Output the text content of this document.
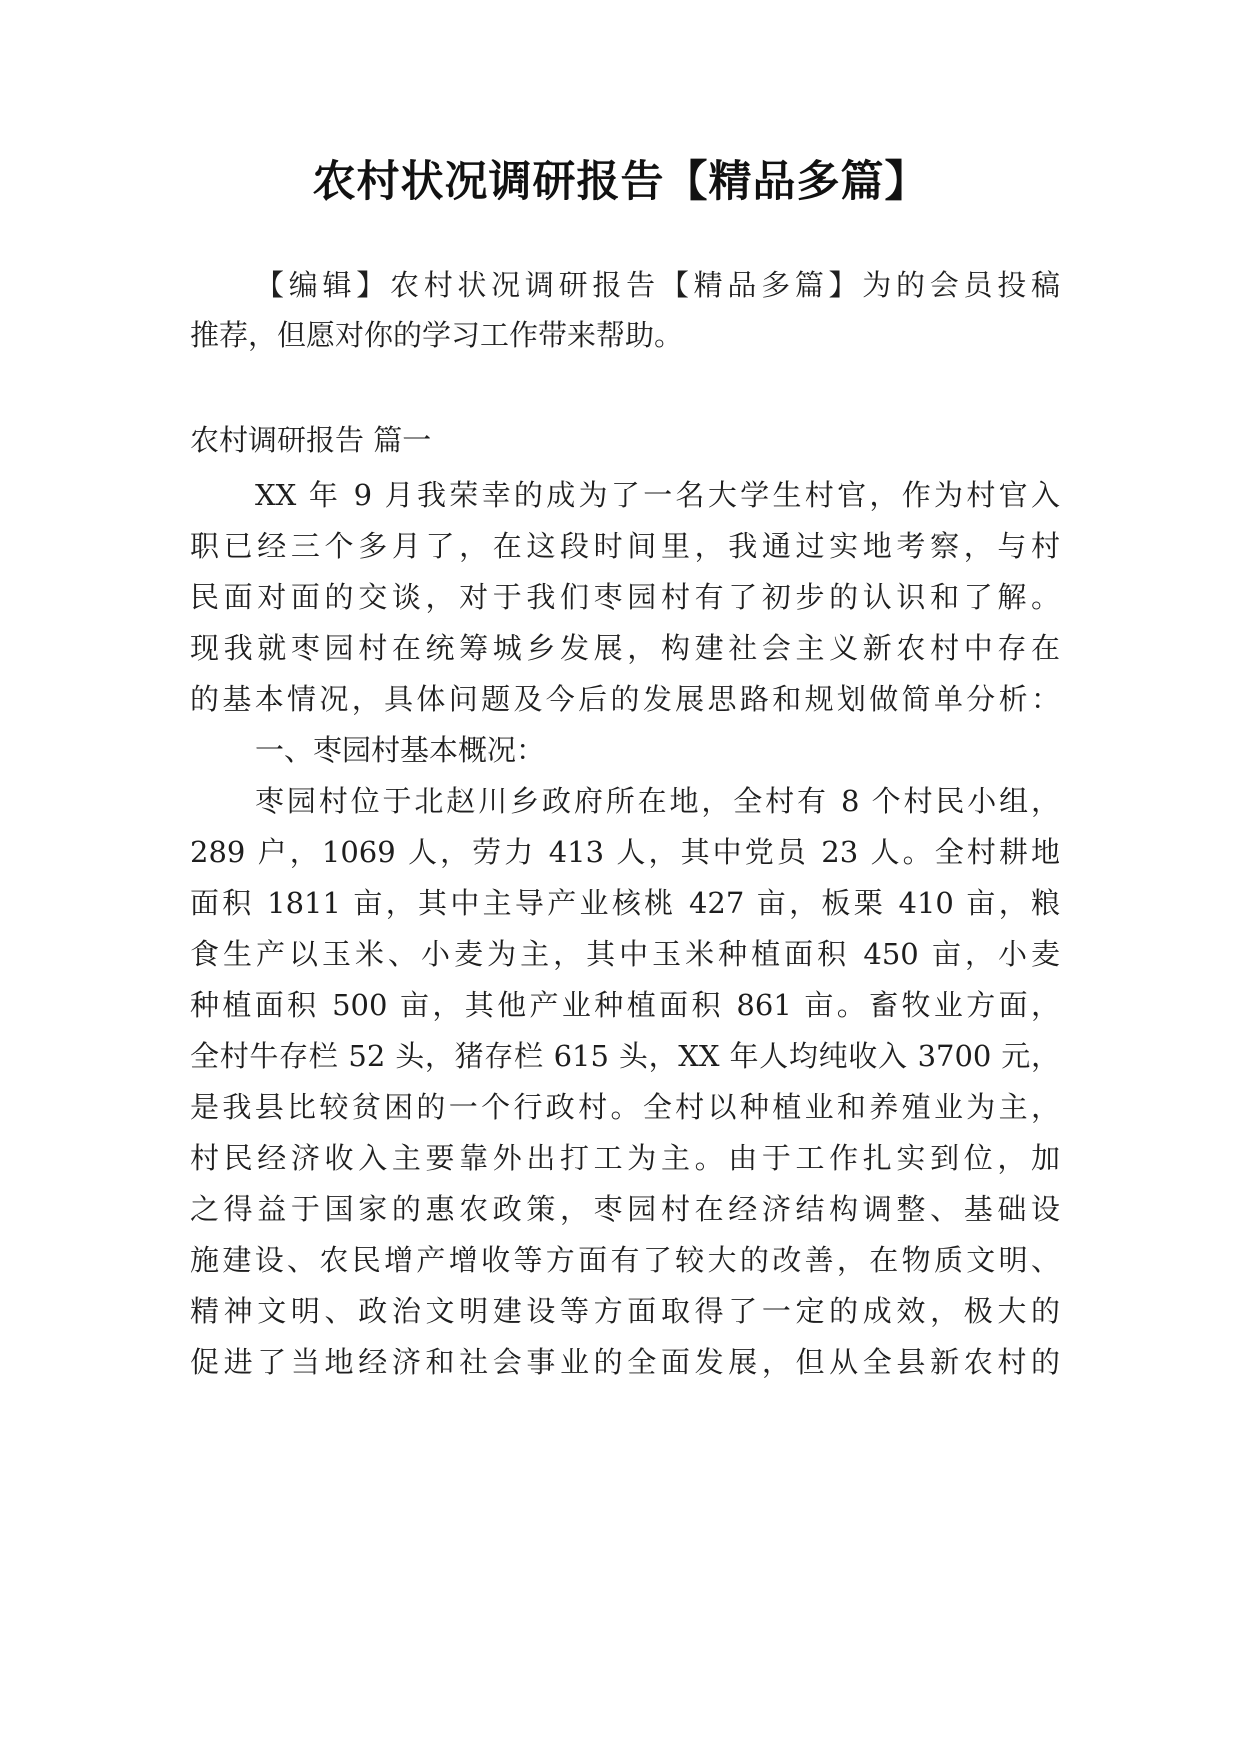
农村状况调研报告【精品多篇】
【编辑】农村状况调研报告【精品多篇】为的会员投稿
推荐，但愿对你的学习工作带来帮助。
农村调研报告 篇一
XX 年 9 月我荣幸的成为了一名大学生村官，作为村官入
职已经三个多月了，在这段时间里，我通过实地考察，与村
民面对面的交谈，对于我们枣园村有了初步的认识和了解。
现我就枣园村在统筹城乡发展，构建社会主义新农村中存在
的基本情况，具体问题及今后的发展思路和规划做简单分析：
一、枣园村基本概况：
枣园村位于北赵川乡政府所在地，全村有 8 个村民小组，
289 户，1069 人，劳力 413 人，其中党员 23 人。全村耕地
面积 1811 亩，其中主导产业核桃 427 亩，板栗 410 亩，粮
食生产以玉米、小麦为主，其中玉米种植面积 450 亩，小麦
种植面积 500 亩，其他产业种植面积 861 亩。畜牧业方面，
全村牛存栏 52 头，猪存栏 615 头，XX 年人均纯收入 3700 元，
是我县比较贫困的一个行政村。全村以种植业和养殖业为主，
村民经济收入主要靠外出打工为主。由于工作扎实到位，加
之得益于国家的惠农政策，枣园村在经济结构调整、基础设
施建设、农民增产增收等方面有了较大的改善，在物质文明、
精神文明、政治文明建设等方面取得了一定的成效，极大的
促进了当地经济和社会事业的全面发展，但从全县新农村的
